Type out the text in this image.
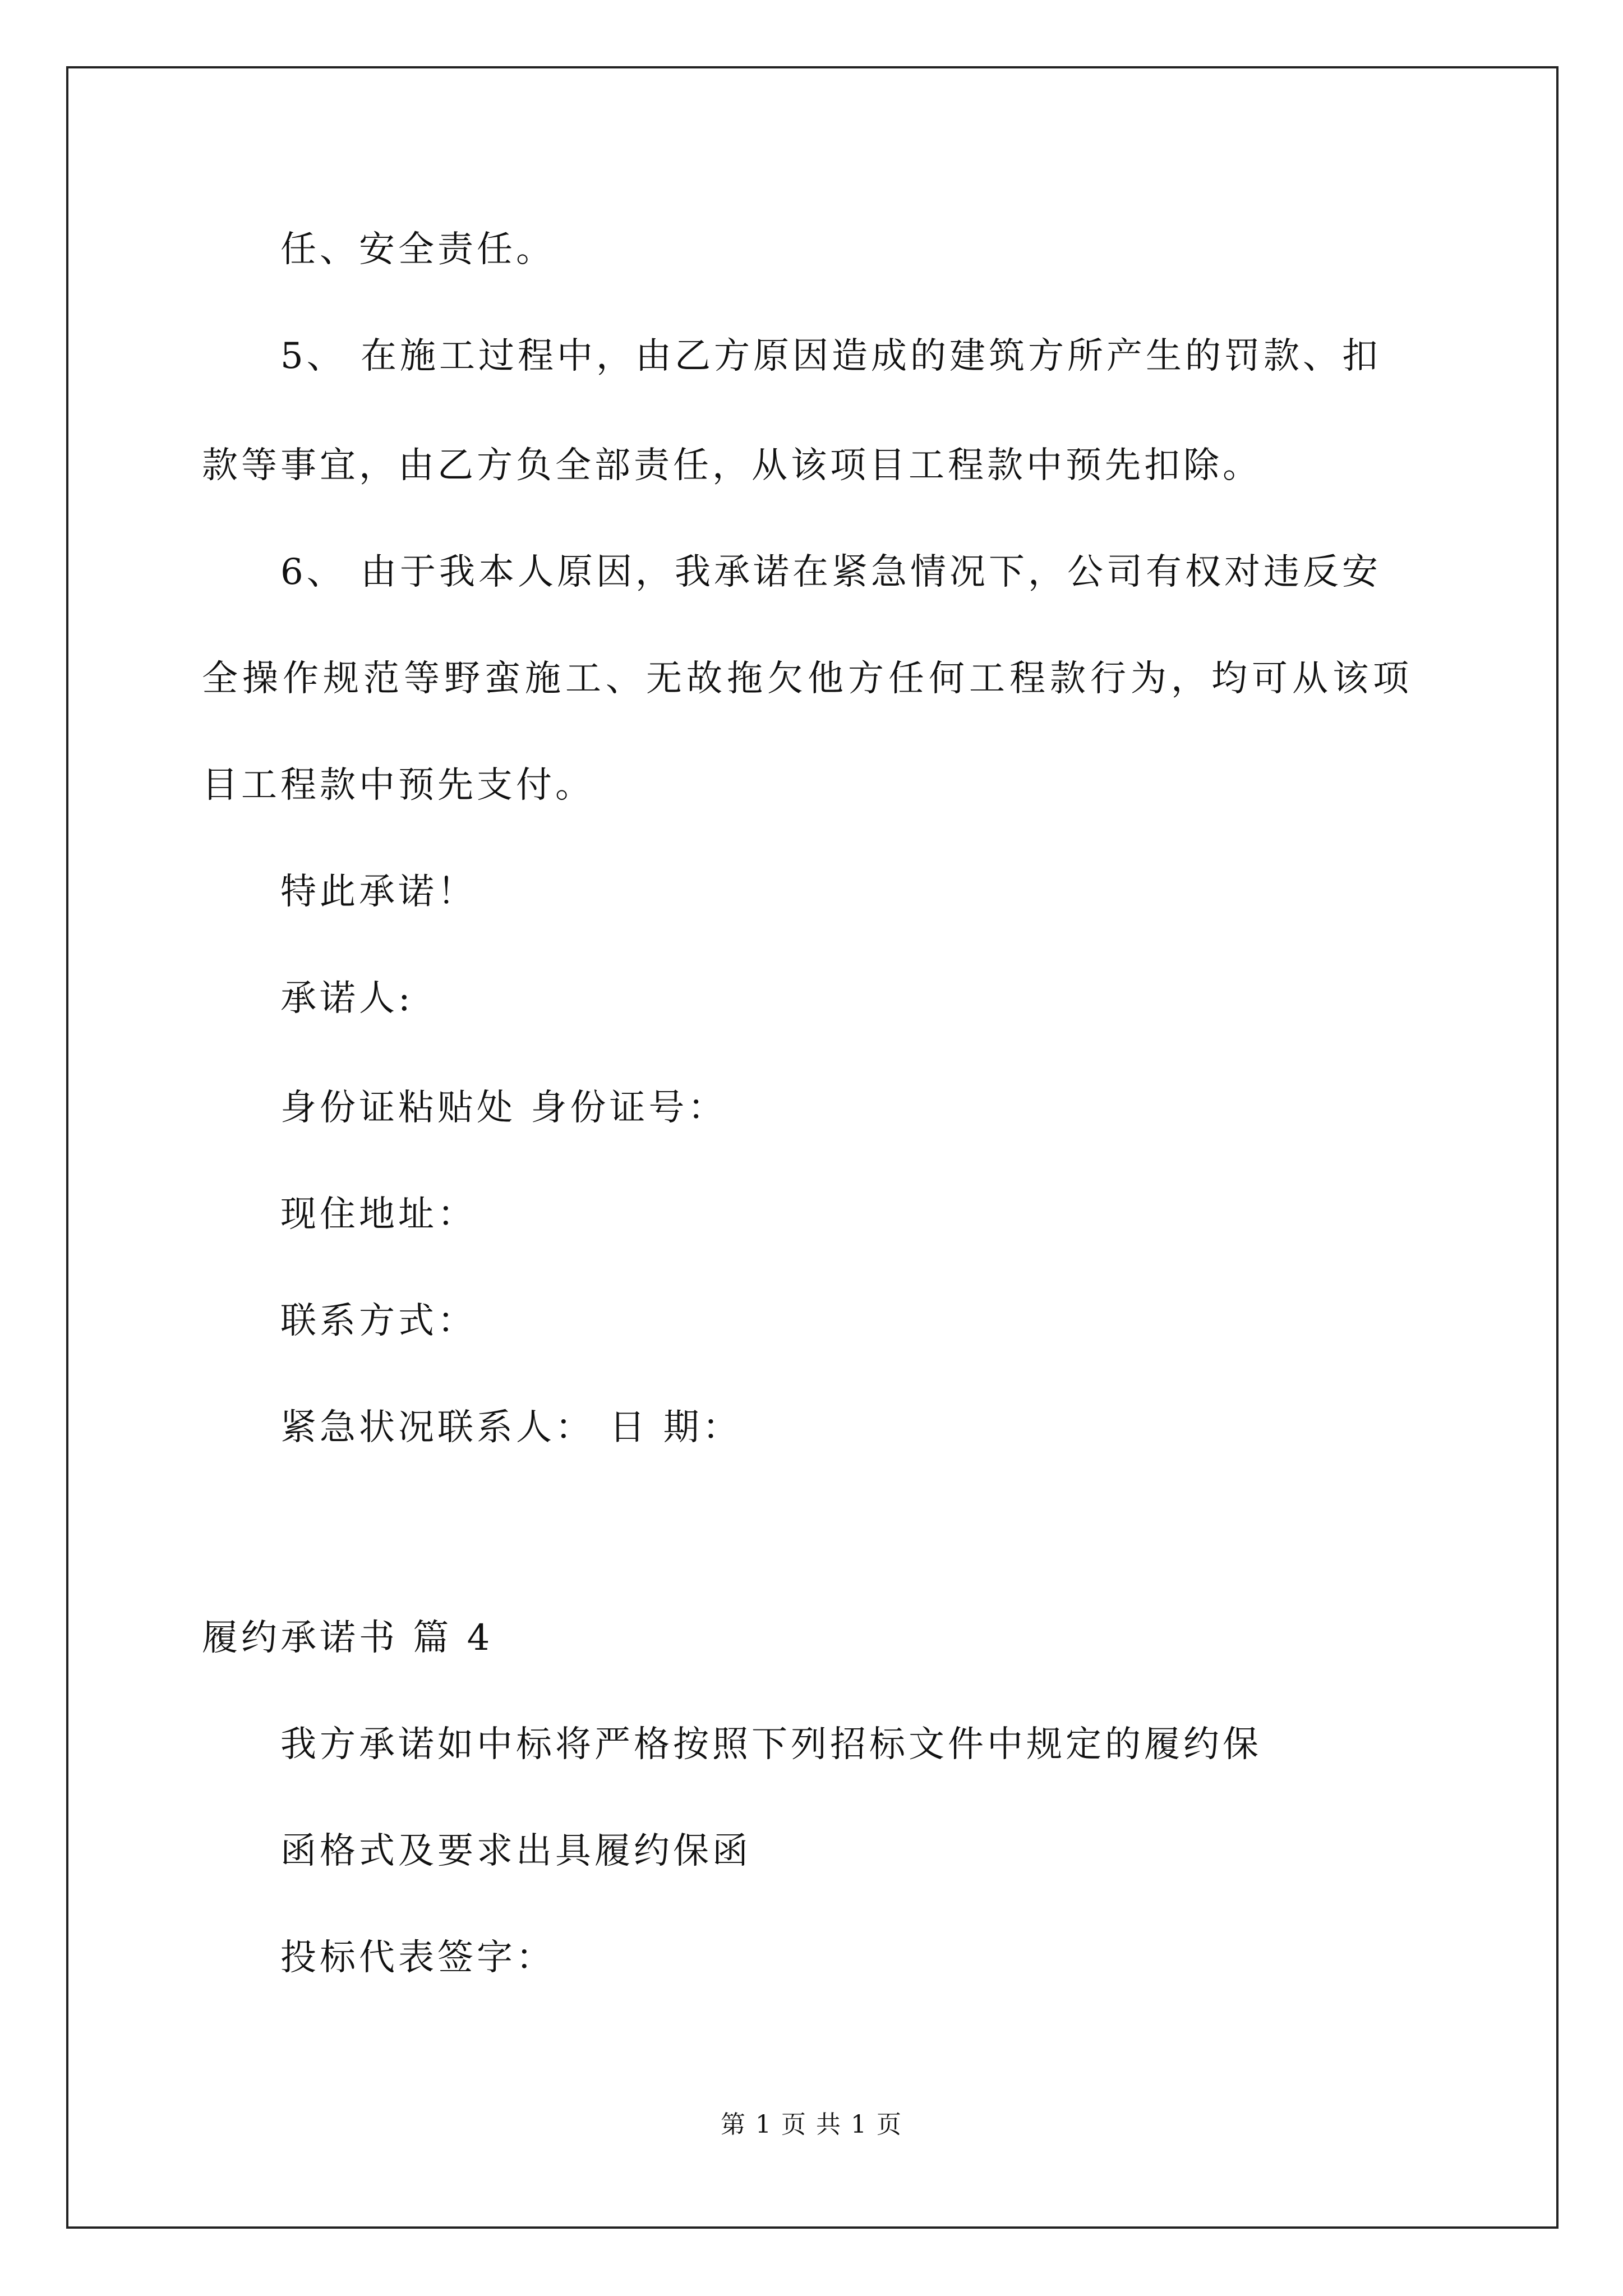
任、安全责任。
5、 在施工过程中，由乙方原因造成的建筑方所产生的罚款、扣
款等事宜，由乙方负全部责任，从该项目工程款中预先扣除。
6、 由于我本人原因，我承诺在紧急情况下，公司有权对违反安
全操作规范等野蛮施工、无故拖欠他方任何工程款行为，均可从该项
目工程款中预先支付。
特此承诺！
承诺人:
身份证粘贴处 身份证号：
现住地址：
联系方式：
紧急状况联系人： 日 期：
履约承诺书 篇 4
我方承诺如中标将严格按照下列招标文件中规定的履约保
函格式及要求出具履约保函
投标代表签字：
第 1 页 共 1 页
